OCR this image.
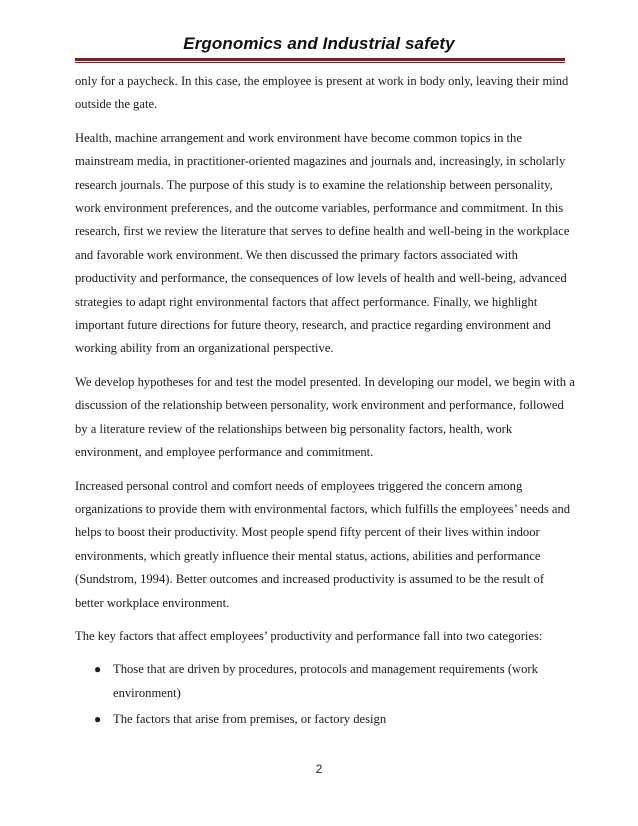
Ergonomics and Industrial safety

only for a paycheck. In this case, the employee is present at work in body only, leaving their mind outside the gate.

Health, machine arrangement and work environment have become common topics in the mainstream media, in practitioner-oriented magazines and journals and, increasingly, in scholarly research journals. The purpose of this study is to examine the relationship between personality, work environment preferences, and the outcome variables, performance and commitment. In this research, first we review the literature that serves to define health and well-being in the workplace and favorable work environment. We then discussed the primary factors associated with productivity and performance, the consequences of low levels of health and well-being, advanced strategies to adapt right environmental factors that affect performance. Finally, we highlight important future directions for future theory, research, and practice regarding environment and working ability from an organizational perspective.

We develop hypotheses for and test the model presented. In developing our model, we begin with a discussion of the relationship between personality, work environment and performance, followed by a literature review of the relationships between big personality factors, health, work environment, and employee performance and commitment.

Increased personal control and comfort needs of employees triggered the concern among organizations to provide them with environmental factors, which fulfills the employees’ needs and helps to boost their productivity. Most people spend fifty percent of their lives within indoor environments, which greatly influence their mental status, actions, abilities and performance (Sundstrom, 1994). Better outcomes and increased productivity is assumed to be the result of better workplace environment.

The key factors that affect employees’ productivity and performance fall into two categories:

● Those that are driven by procedures, protocols and management requirements (work environment)
● The factors that arise from premises, or factory design
2
